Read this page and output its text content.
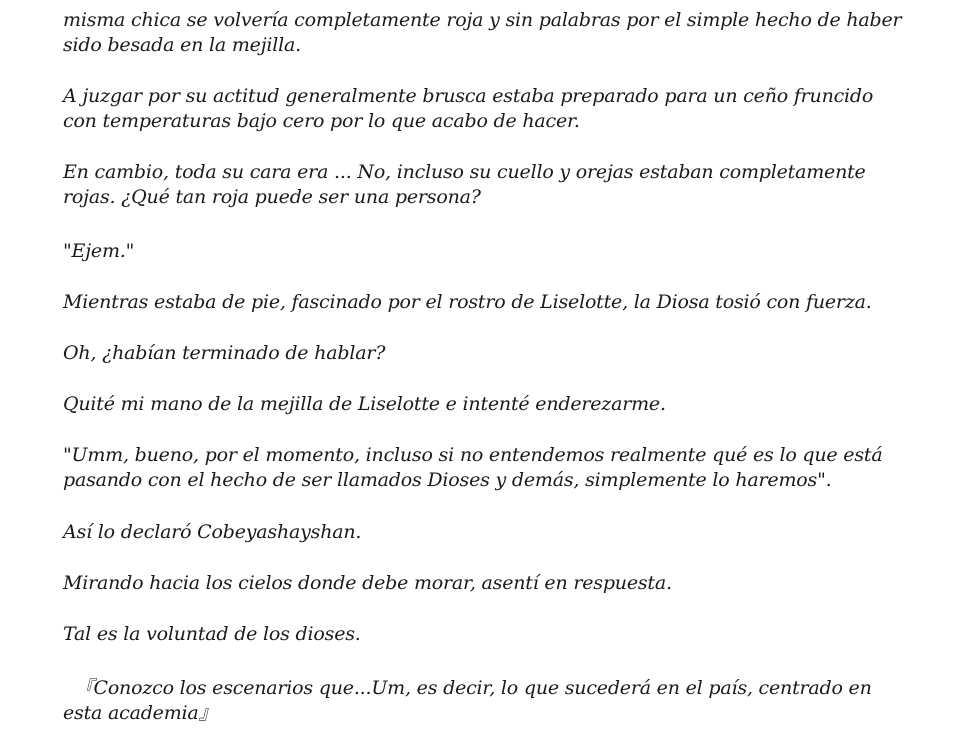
misma chica se volvería completamente roja y sin palabras por el simple hecho de haber
sido besada en la mejilla.

A juzgar por su actitud generalmente brusca estaba preparado para un ceño fruncido
con temperaturas bajo cero por lo que acabo de hacer.

En cambio, toda su cara era ... No, incluso su cuello y orejas estaban completamente
rojas. ¿Qué tan roja puede ser una persona?

"Ejem."

Mientras estaba de pie, fascinado por el rostro de Liselotte, la Diosa tosió con fuerza.

Oh, ¿habían terminado de hablar?

Quité mi mano de la mejilla de Liselotte e intenté enderezarme.

"Umm, bueno, por el momento, incluso si no entendemos realmente qué es lo que está
pasando con el hecho de ser llamados Dioses y demás, simplemente lo haremos".

Así lo declaró Cobeyashayshan.

Mirando hacia los cielos donde debe morar, asentí en respuesta.

Tal es la voluntad de los dioses.

『Conozco los escenarios que...Um, es decir, lo que sucederá en el país, centrado en
esta academia』
